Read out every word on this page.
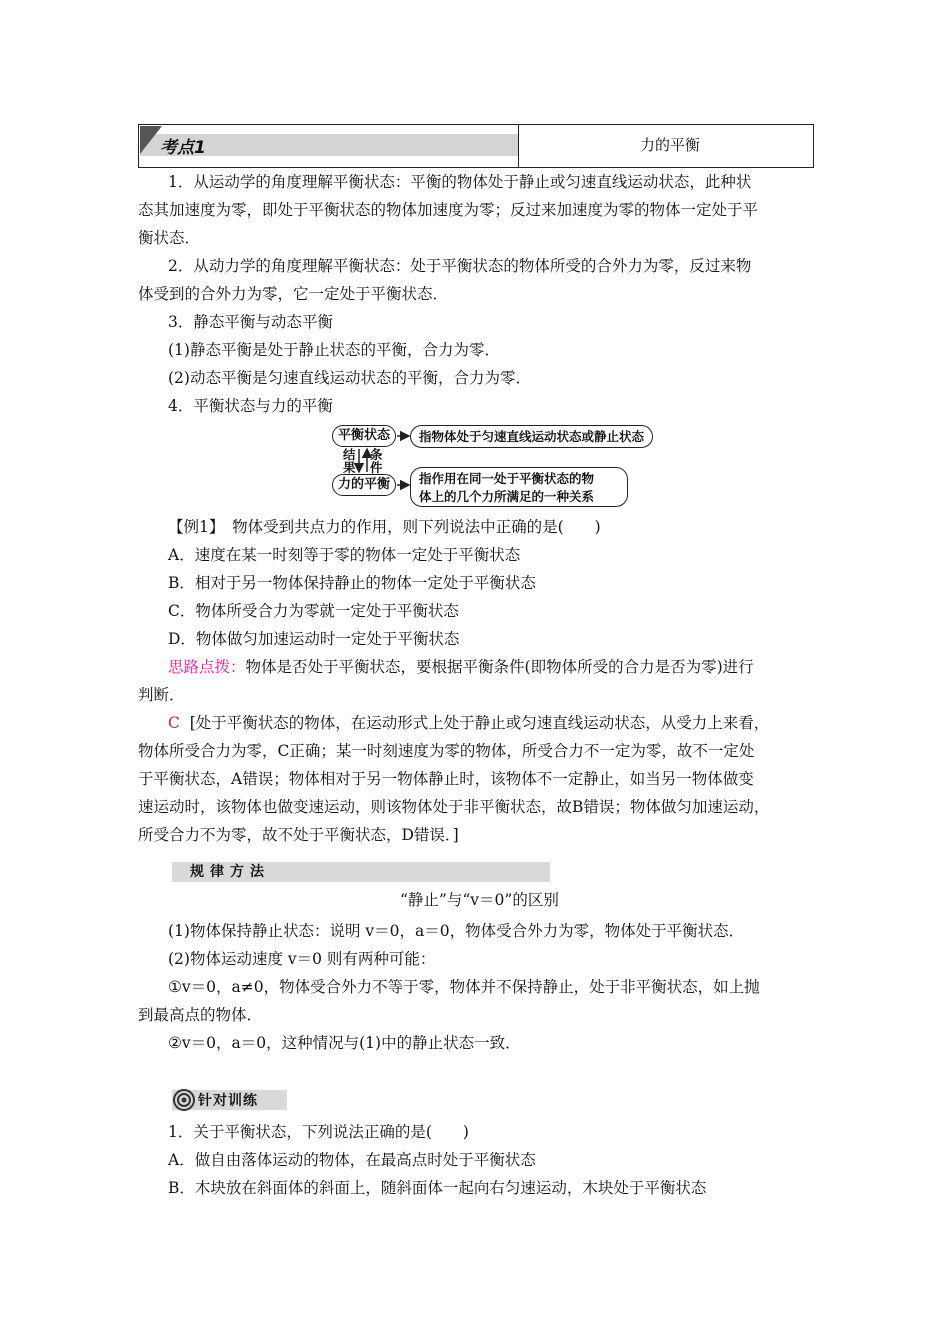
考点1	力的平衡
1．从运动学的角度理解平衡状态：平衡的物体处于静止或匀速直线运动状态，此种状
态其加速度为零，即处于平衡状态的物体加速度为零；反过来加速度为零的物体一定处于平
衡状态．
2．从动力学的角度理解平衡状态：处于平衡状态的物体所受的合外力为零，反过来物
体受到的合外力为零，它一定处于平衡状态．
3．静态平衡与动态平衡
(1)静态平衡是处于静止状态的平衡，合力为零．
(2)动态平衡是匀速直线运动状态的平衡，合力为零．
4．平衡状态与力的平衡
平衡状态
力的平衡
指物体处于匀速直线运动状态或静止状态
指作用在同一处于平衡状态的物
体上的几个力所满足的一种关系
结
果
条
件
【例1】　物体受到共点力的作用，则下列说法中正确的是(　　)
A．速度在某一时刻等于零的物体一定处于平衡状态
B．相对于另一物体保持静止的物体一定处于平衡状态
C．物体所受合力为零就一定处于平衡状态
D．物体做匀加速运动时一定处于平衡状态
思路点拨：物体是否处于平衡状态，要根据平衡条件(即物体所受的合力是否为零)进行
判断．
C [处于平衡状态的物体，在运动形式上处于静止或匀速直线运动状态，从受力上来看，
物体所受合力为零，C正确；某一时刻速度为零的物体，所受合力不一定为零，故不一定处
于平衡状态，A错误；物体相对于另一物体静止时，该物体不一定静止，如当另一物体做变
速运动时，该物体也做变速运动，则该物体处于非平衡状态，故B错误；物体做匀加速运动，
所受合力不为零，故不处于平衡状态，D错误．]
规律方法
“静止”与“v＝0”的区别
(1)物体保持静止状态：说明 v＝0，a＝0，物体受合外力为零，物体处于平衡状态．
(2)物体运动速度 v＝0 则有两种可能：
①v＝0，a≠0，物体受合外力不等于零，物体并不保持静止，处于非平衡状态，如上抛
到最高点的物体．
②v＝0，a＝0，这种情况与(1)中的静止状态一致．
针对训练
1．关于平衡状态，下列说法正确的是(　　)
A．做自由落体运动的物体，在最高点时处于平衡状态
B．木块放在斜面体的斜面上，随斜面体一起向右匀速运动，木块处于平衡状态
